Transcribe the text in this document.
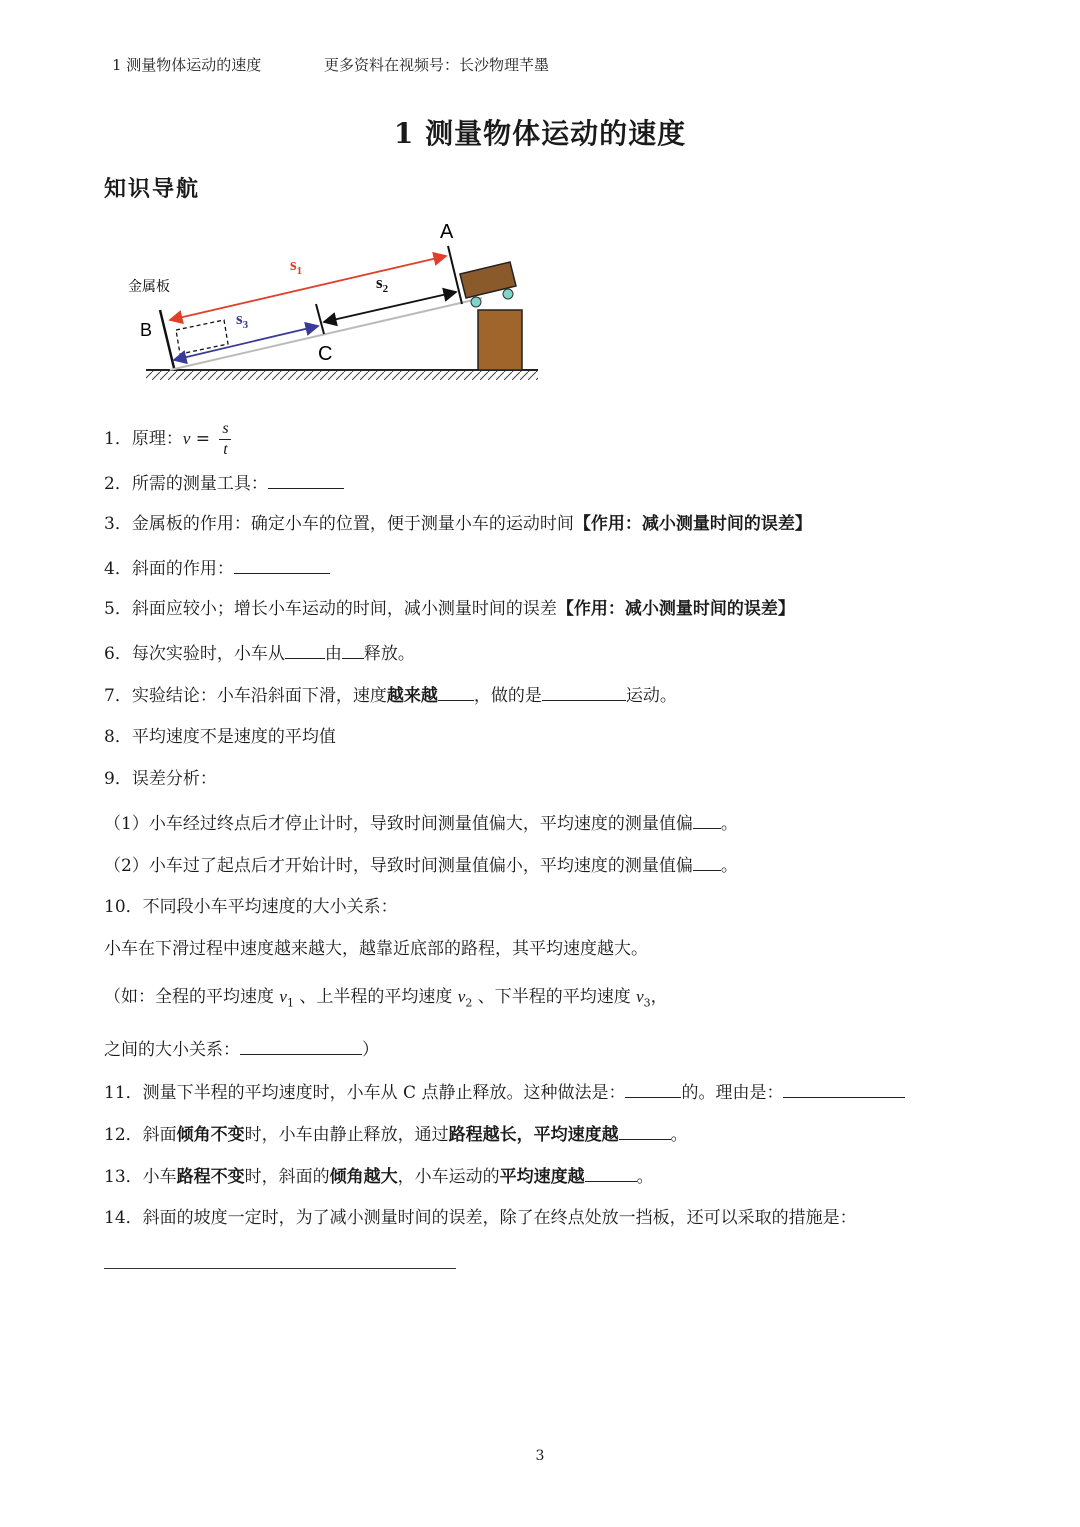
1 测量物体运动的速度	更多资料在视频号：长沙物理芊墨
1 测量物体运动的速度
知识导航
A
B
C
金属板
$s_1$
$s_2$
$s_3$
1．原理：$v = \frac{s}{t}$
2．所需的测量工具：
3．金属板的作用：确定小车的位置，便于测量小车的运动时间【作用：减小测量时间的误差】
4．斜面的作用：
5．斜面应较小；增长小车运动的时间，减小测量时间的误差【作用：减小测量时间的误差】
6．每次实验时，小车从 由 释放。
7．实验结论：小车沿斜面下滑，速度越来越 ，做的是	运动。
8．平均速度不是速度的平均值
9．误差分析：
（1）小车经过终点后才停止计时，导致时间测量值偏大，平均速度的测量值偏 。
（2）小车过了起点后才开始计时，导致时间测量值偏小，平均速度的测量值偏 。
10．不同段小车平均速度的大小关系：
小车在下滑过程中速度越来越大，越靠近底部的路程，其平均速度越大。
（如：全程的平均速度 $v_1$ 、上半程的平均速度 $v_2$ 、下半程的平均速度 $v_3$，
之间的大小关系：	）
11．测量下半程的平均速度时，小车从 C 点静止释放。这种做法是：	的。理由是：
12．斜面倾角不变时，小车由静止释放，通过路程越长，平均速度越	。
13．小车路程不变时，斜面的倾角越大，小车运动的平均速度越	。
14．斜面的坡度一定时，为了减小测量时间的误差，除了在终点处放一挡板，还可以采取的措施是：
3
